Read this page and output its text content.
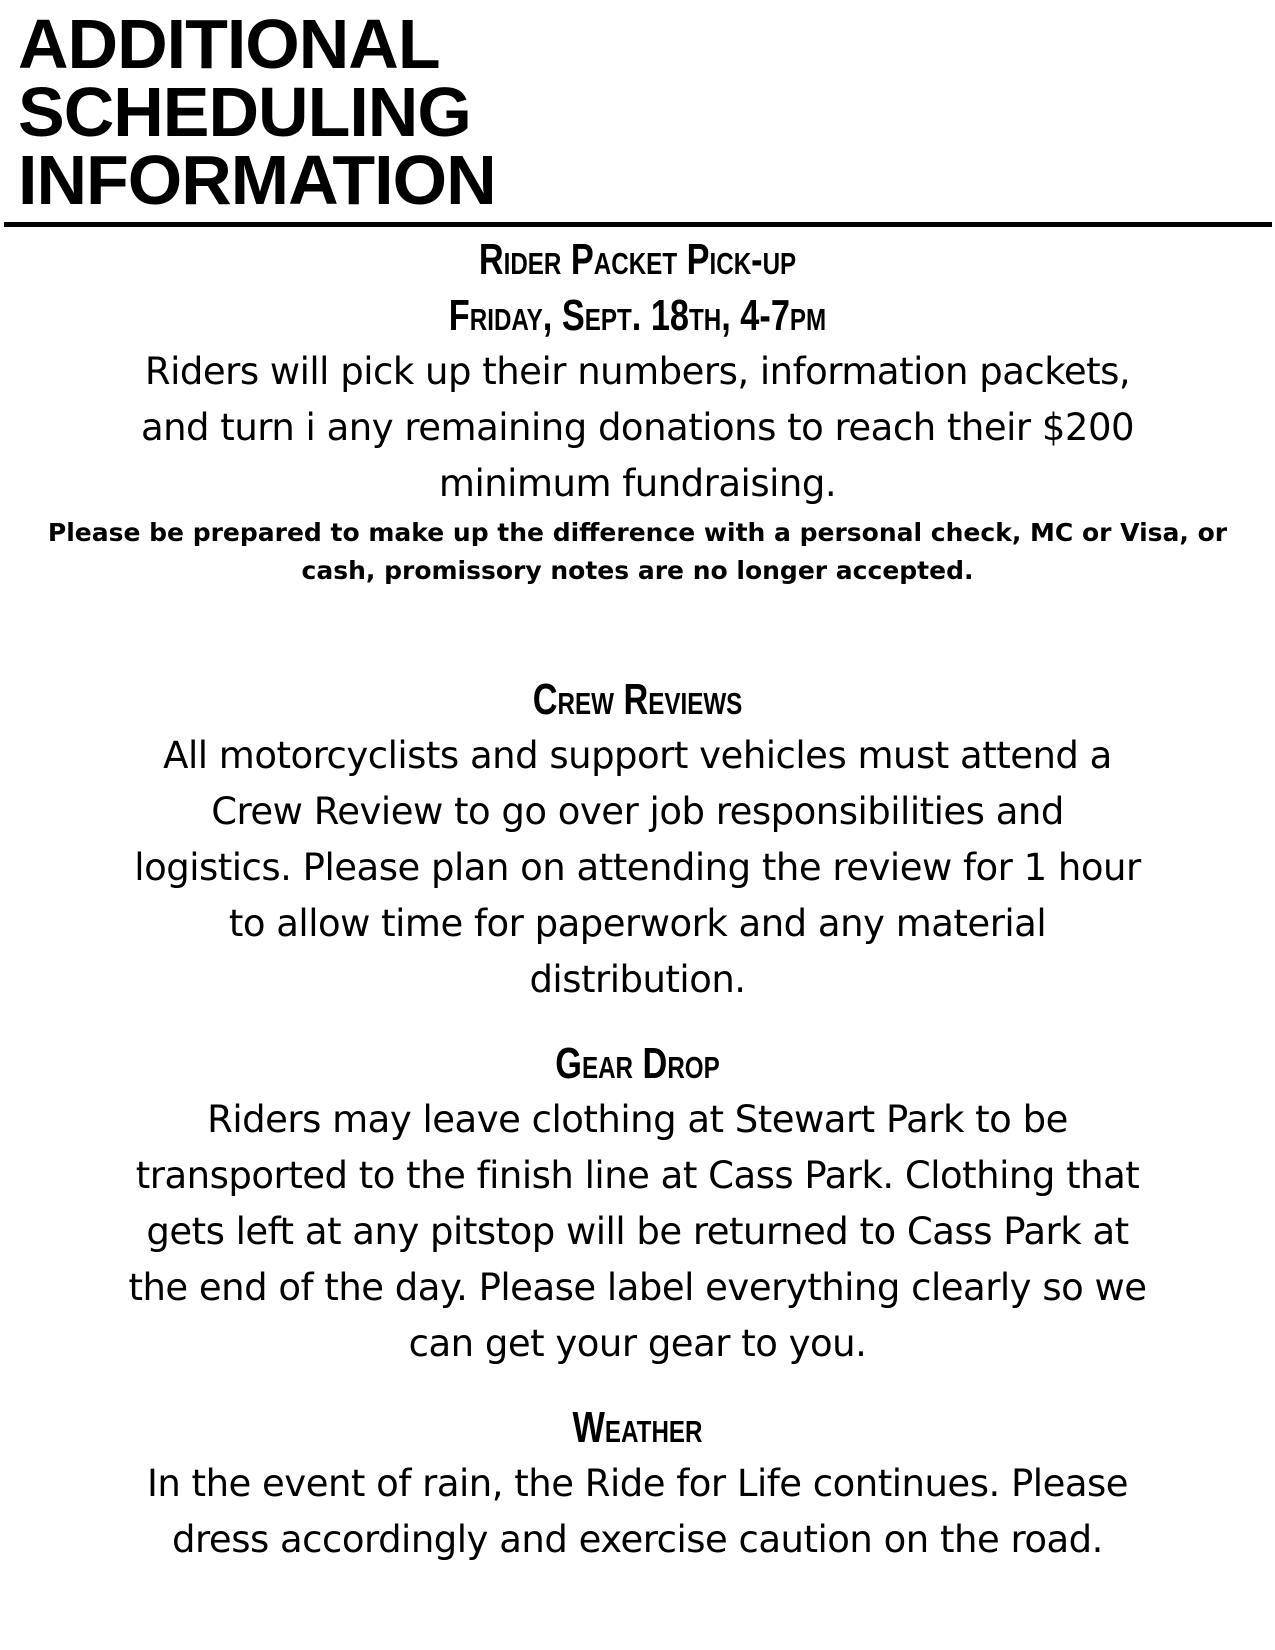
ADDITIONAL
SCHEDULING
INFORMATION
Rider Packet Pick-up
Friday, Sept. 18th, 4-7pm

Riders will pick up their numbers, information packets,
and turn i any remaining donations to reach their $200
minimum fundraising.

Please be prepared to make up the difference with a personal check, MC or Visa, or
cash, promissory notes are no longer accepted.

Crew Reviews

All motorcyclists and support vehicles must attend a
Crew Review to go over job responsibilities and
logistics. Please plan on attending the review for 1 hour
to allow time for paperwork and any material
distribution.

Gear Drop

Riders may leave clothing at Stewart Park to be
transported to the finish line at Cass Park. Clothing that
gets left at any pitstop will be returned to Cass Park at
the end of the day. Please label everything clearly so we
can get your gear to you.

Weather

In the event of rain, the Ride for Life continues. Please
dress accordingly and exercise caution on the road.
